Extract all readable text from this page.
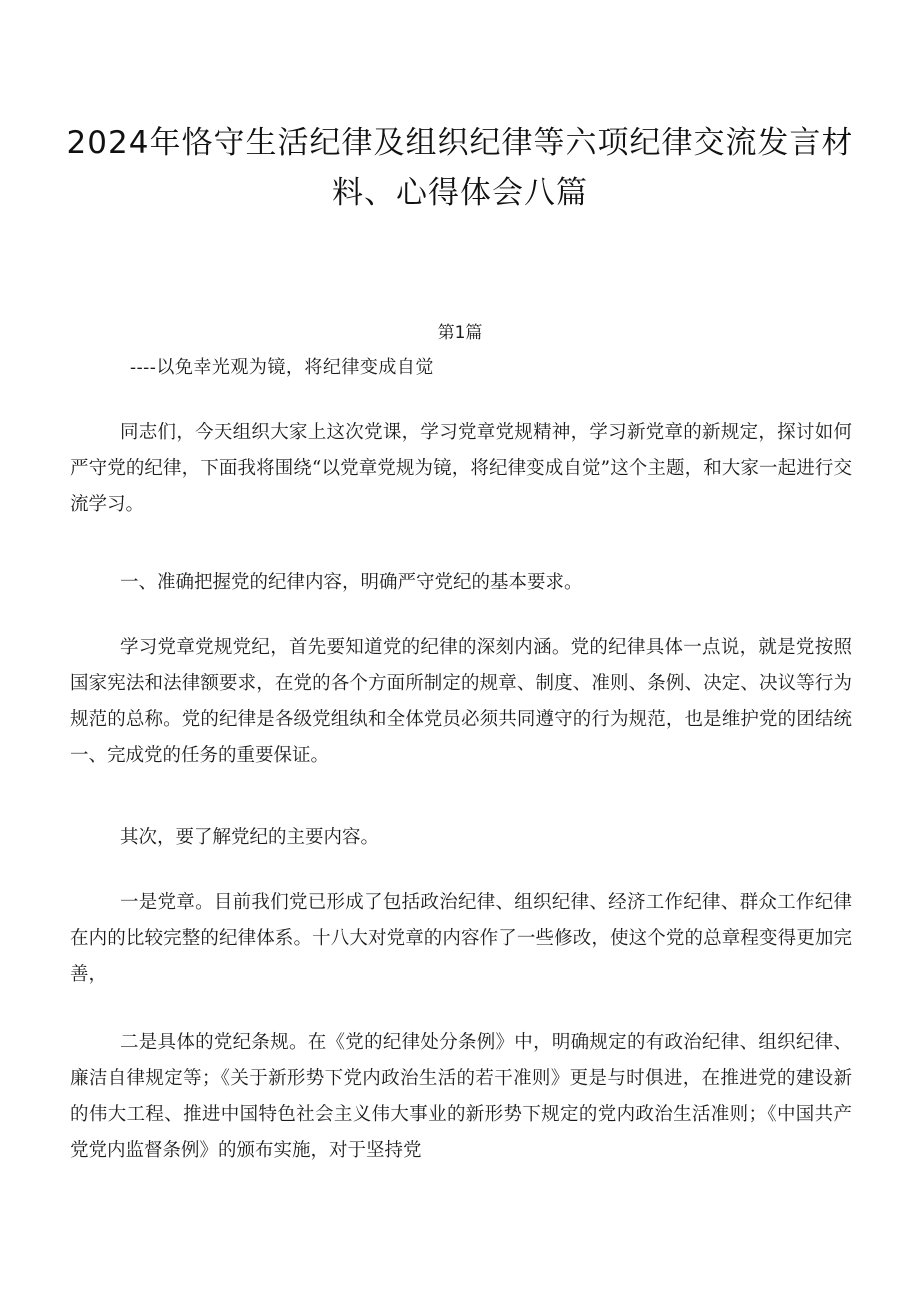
2024年恪守生活纪律及组织纪律等六项纪律交流发言材料、心得体会八篇
第1篇

----以免幸光观为镜，将纪律变成自觉

同志们，今天组织大家上这次党课，学习党章党规精神，学习新党章的新规定，探讨如何严守党的纪律，下面我将围绕“以党章党规为镜，将纪律变成自觉”这个主题，和大家一起进行交流学习。

一、准确把握党的纪律内容，明确严守党纪的基本要求。

学习党章党规党纪，首先要知道党的纪律的深刻内涵。党的纪律具体一点说，就是党按照国家宪法和法律额要求，在党的各个方面所制定的规章、制度、准则、条例、决定、决议等行为规范的总称。党的纪律是各级党组纨和全体党员必须共同遵守的行为规范，也是维护党的团结统一、完成党的任务的重要保证。

其次，要了解党纪的主要内容。

一是党章。目前我们党已形成了包括政治纪律、组织纪律、经济工作纪律、群众工作纪律在内的比较完整的纪律体系。十八大对党章的内容作了一些修改，使这个党的总章程变得更加完善，

二是具体的党纪条规。在《党的纪律处分条例》中，明确规定的有政治纪律、组织纪律、廉洁自律规定等；《关于新形势下党内政治生活的若干准则》更是与时俱进，在推进党的建设新的伟大工程、推进中国特色社会主义伟大事业的新形势下规定的党内政治生活准则；《中国共产党党内监督条例》的颁布实施，对于坚持党
